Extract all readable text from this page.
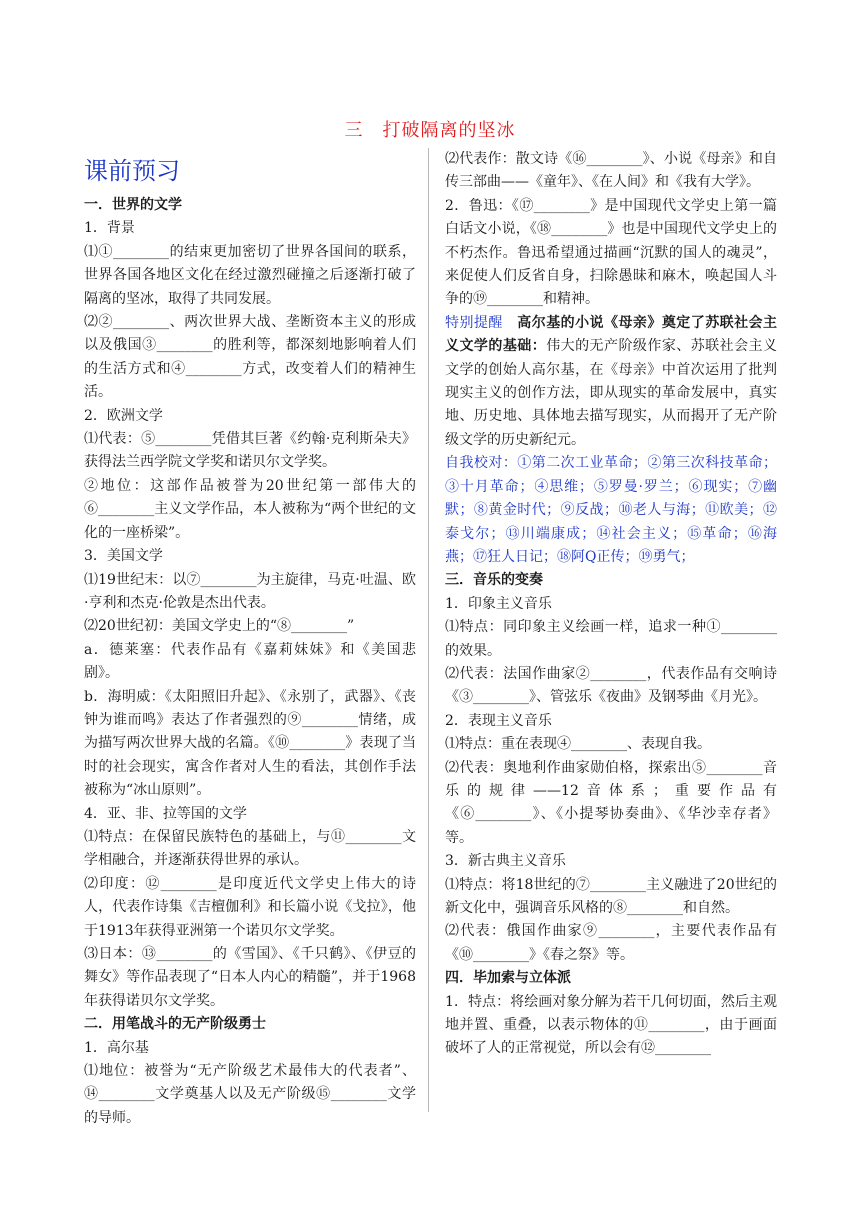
三　打破隔离的坚冰

课前预习

一．世界的文学

1．背景

⑴①________的结束更加密切了世界各国间的联系，世界各国各地区文化在经过激烈碰撞之后逐渐打破了隔离的坚冰，取得了共同发展。

⑵②________、两次世界大战、垄断资本主义的形成以及俄国③________的胜利等，都深刻地影响着人们的生活方式和④________方式，改变着人们的精神生活。

2．欧洲文学

⑴代表：⑤________凭借其巨著《约翰·克利斯朵夫》获得法兰西学院文学奖和诺贝尔文学奖。

②地位：这部作品被誉为20世纪第一部伟大的⑥________主义文学作品，本人被称为“两个世纪的文化的一座桥梁”。

3．美国文学

⑴19世纪末：以⑦________为主旋律，马克·吐温、欧·亨利和杰克·伦敦是杰出代表。

⑵20世纪初：美国文学史上的“⑧________”

a．德莱塞：代表作品有《嘉莉妹妹》和《美国悲剧》。

b．海明威：《太阳照旧升起》、《永别了，武器》、《丧钟为谁而鸣》表达了作者强烈的⑨________情绪，成为描写两次世界大战的名篇。《⑩________》表现了当时的社会现实，寓含作者对人生的看法，其创作手法被称为“冰山原则”。

4．亚、非、拉等国的文学

⑴特点：在保留民族特色的基础上，与⑪________文学相融合，并逐渐获得世界的承认。

⑵印度：⑫________是印度近代文学史上伟大的诗人，代表作诗集《吉檀伽利》和长篇小说《戈拉》，他于1913年获得亚洲第一个诺贝尔文学奖。

⑶日本：⑬________的《雪国》、《千只鹤》、《伊豆的舞女》等作品表现了“日本人内心的精髓”，并于1968年获得诺贝尔文学奖。

二．用笔战斗的无产阶级勇士

1．高尔基

⑴地位：被誉为“无产阶级艺术最伟大的代表者”、⑭________文学奠基人以及无产阶级⑮________文学的导师。

⑵代表作：散文诗《⑯________》、小说《母亲》和自传三部曲——《童年》、《在人间》和《我有大学》。

2．鲁迅：《⑰________》是中国现代文学史上第一篇白话文小说，《⑱________》也是中国现代文学史上的不朽杰作。鲁迅希望通过描画“沉默的国人的魂灵”，来促使人们反省自身，扫除愚昧和麻木，唤起国人斗争的⑲________和精神。

特别提醒　高尔基的小说《母亲》奠定了苏联社会主义文学的基础：伟大的无产阶级作家、苏联社会主义文学的创始人高尔基，在《母亲》中首次运用了批判现实主义的创作方法，即从现实的革命发展中，真实地、历史地、具体地去描写现实，从而揭开了无产阶级文学的历史新纪元。

自我校对：①第二次工业革命；②第三次科技革命；③十月革命；④思维；⑤罗曼·罗兰；⑥现实；⑦幽默；⑧黄金时代；⑨反战；⑩老人与海；⑪欧美；⑫泰戈尔；⑬川端康成；⑭社会主义；⑮革命；⑯海燕；⑰狂人日记；⑱阿Q正传；⑲勇气；

三．音乐的变奏

1．印象主义音乐

⑴特点：同印象主义绘画一样，追求一种①________的效果。

⑵代表：法国作曲家②________，代表作品有交响诗《③________》、管弦乐《夜曲》及钢琴曲《月光》。

2．表现主义音乐

⑴特点：重在表现④________、表现自我。

⑵代表：奥地利作曲家勋伯格，探索出⑤________音乐的规律——12音体系；重要作品有《⑥________》、《小提琴协奏曲》、《华沙幸存者》等。

3．新古典主义音乐

⑴特点：将18世纪的⑦________主义融进了20世纪的新文化中，强调音乐风格的⑧________和自然。

⑵代表：俄国作曲家⑨________，主要代表作品有《⑩________》《春之祭》等。

四．毕加索与立体派

1．特点：将绘画对象分解为若干几何切面，然后主观地并置、重叠，以表示物体的⑪________，由于画面破坏了人的正常视觉，所以会有⑫________
